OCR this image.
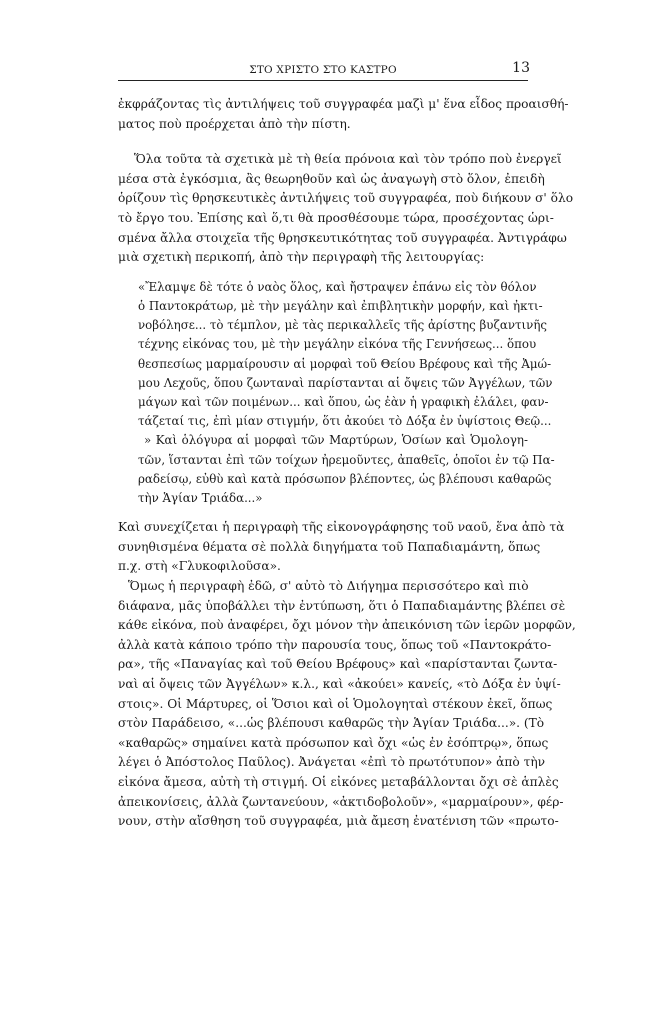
ΣΤΟ ΧΡΙΣΤΟ ΣΤΟ ΚΑΣΤΡΟ	13

ἐκφράζοντας τὶς ἀντιλήψεις τοῦ συγγραφέα μαζὶ μ' ἕνα εἶδος προαισθή-
ματος ποὺ προέρχεται ἀπὸ τὴν πίστη.

Ὅλα τοῦτα τὰ σχετικὰ μὲ τὴ θεία πρόνοια καὶ τὸν τρόπο ποὺ ἐνεργεῖ
μέσα στὰ ἐγκόσμια, ἂς θεωρηθοῦν καὶ ὡς ἀναγωγὴ στὸ ὅλον, ἐπειδὴ
ὁρίζουν τὶς θρησκευτικὲς ἀντιλήψεις τοῦ συγγραφέα, ποὺ διήκουν σ' ὅλο
τὸ ἔργο του. Ἐπίσης καὶ ὅ,τι θὰ προσθέσουμε τώρα, προσέχοντας ὡρι-
σμένα ἄλλα στοιχεῖα τῆς θρησκευτικότητας τοῦ συγγραφέα. Ἀντιγράφω
μιὰ σχετικὴ περικοπή, ἀπὸ τὴν περιγραφὴ τῆς λειτουργίας:

«Ἔλαμψε δὲ τότε ὁ ναὸς ὅλος, καὶ ἤστραψεν ἐπάνω εἰς τὸν θόλον
ὁ Παντοκράτωρ, μὲ τὴν μεγάλην καὶ ἐπιβλητικὴν μορφήν, καὶ ἠκτι-
νοβόλησε... τὸ τέμπλον, μὲ τὰς περικαλλεῖς τῆς ἀρίστης βυζαντινῆς
τέχνης εἰκόνας του, μὲ τὴν μεγάλην εἰκόνα τῆς Γεννήσεως... ὅπου
θεσπεσίως μαρμαίρουσιν αἱ μορφαὶ τοῦ Θείου Βρέφους καὶ τῆς Ἀμώ-
μου Λεχοῦς, ὅπου ζωνταναὶ παρίστανται αἱ ὄψεις τῶν Ἀγγέλων, τῶν
μάγων καὶ τῶν ποιμένων... καὶ ὅπου, ὡς ἐὰν ἡ γραφικὴ ἐλάλει, φαν-
τάζεταί τις, ἐπὶ μίαν στιγμήν, ὅτι ἀκούει τὸ Δόξα ἐν ὑψίστοις Θεῷ...

» Καὶ ὁλόγυρα αἱ μορφαὶ τῶν Μαρτύρων, Ὁσίων καὶ Ὁμολογη-
τῶν, ἵστανται ἐπὶ τῶν τοίχων ἠρεμοῦντες, ἀπαθεῖς, ὁποῖοι ἐν τῷ Πα-
ραδείσῳ, εὐθὺ καὶ κατὰ πρόσωπον βλέποντες, ὡς βλέπουσι καθαρῶς
τὴν Ἁγίαν Τριάδα...»

Καὶ συνεχίζεται ἡ περιγραφὴ τῆς εἰκονογράφησης τοῦ ναοῦ, ἕνα ἀπὸ τὰ
συνηθισμένα θέματα σὲ πολλὰ διηγήματα τοῦ Παπαδιαμάντη, ὅπως
π.χ. στὴ «Γλυκοφιλοῦσα».

Ὅμως ἡ περιγραφὴ ἐδῶ, σ' αὐτὸ τὸ Διήγημα περισσότερο καὶ πιὸ
διάφανα, μᾶς ὑποβάλλει τὴν ἐντύπωση, ὅτι ὁ Παπαδιαμάντης βλέπει σὲ
κάθε εἰκόνα, ποὺ ἀναφέρει, ὄχι μόνον τὴν ἀπεικόνιση τῶν ἱερῶν μορφῶν,
ἀλλὰ κατὰ κάποιο τρόπο τὴν παρουσία τους, ὅπως τοῦ «Παντοκράτο-
ρα», τῆς «Παναγίας καὶ τοῦ Θείου Βρέφους» καὶ «παρίστανται ζωντα-
ναὶ αἱ ὄψεις τῶν Ἀγγέλων» κ.λ., καὶ «ἀκούει» κανείς, «τὸ Δόξα ἐν ὑψί-
στοις». Οἱ Μάρτυρες, οἱ Ὅσιοι καὶ οἱ Ὁμολογηταὶ στέκουν ἐκεῖ, ὅπως
στὸν Παράδεισο, «...ὡς βλέπουσι καθαρῶς τὴν Ἁγίαν Τριάδα...». (Τὸ
«καθαρῶς» σημαίνει κατὰ πρόσωπον καὶ ὄχι «ὡς ἐν ἐσόπτρῳ», ὅπως
λέγει ὁ Ἀπόστολος Παῦλος). Ἀνάγεται «ἐπὶ τὸ πρωτότυπον» ἀπὸ τὴν
εἰκόνα ἄμεσα, αὐτὴ τὴ στιγμή. Οἱ εἰκόνες μεταβάλλονται ὄχι σὲ ἁπλὲς
ἀπεικονίσεις, ἀλλὰ ζωντανεύουν, «ἀκτιδοβολοῦν», «μαρμαίρουν», φέρ-
νουν, στὴν αἴσθηση τοῦ συγγραφέα, μιὰ ἄμεση ἐνατένιση τῶν «πρωτο-
